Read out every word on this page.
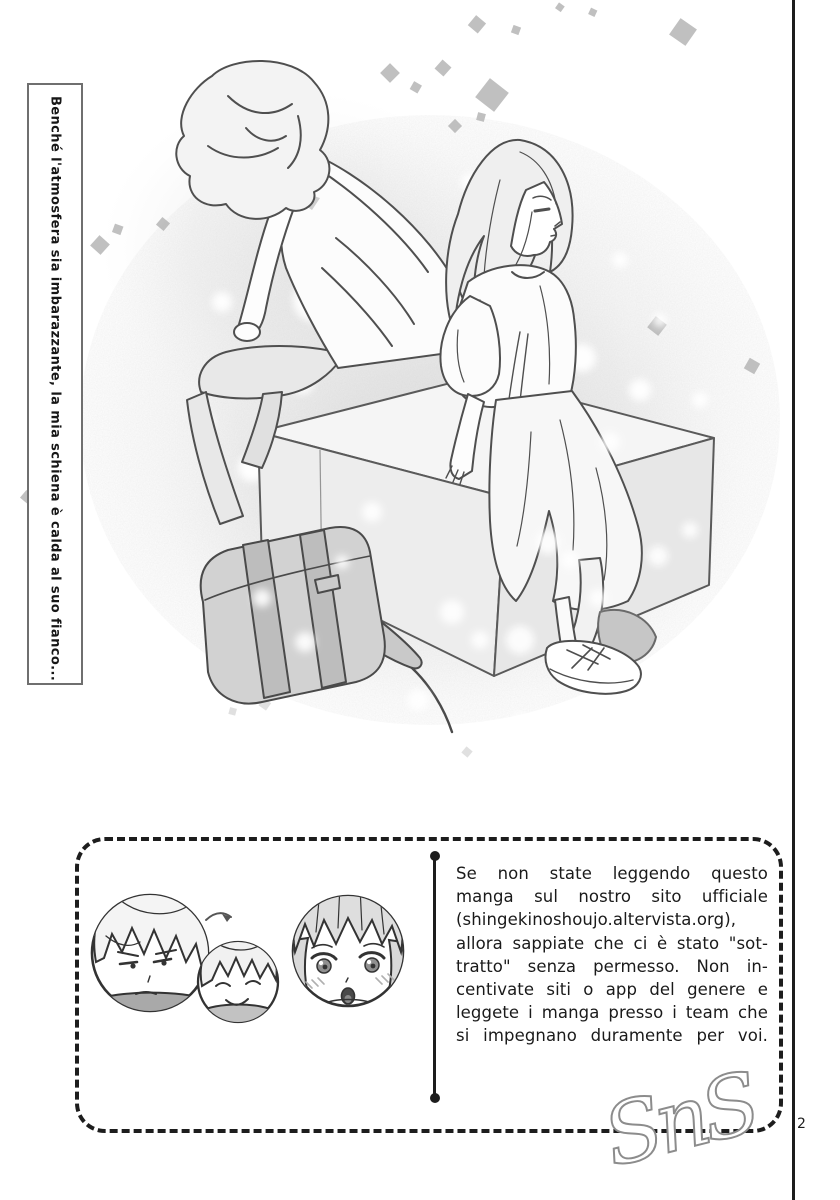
Benché l'atmosfera sia imbarazzante, la mia schiena è calda al suo fianco...
Se non state leggendo questo
manga sul nostro sito ufficiale
(shingekinoshoujo.altervista.org),
allora sappiate che ci è stato "sot-
tratto" senza permesso. Non in-
centivate siti o app del genere e
leggete i manga presso i team che
si impegnano duramente per voi.
SnS 2
